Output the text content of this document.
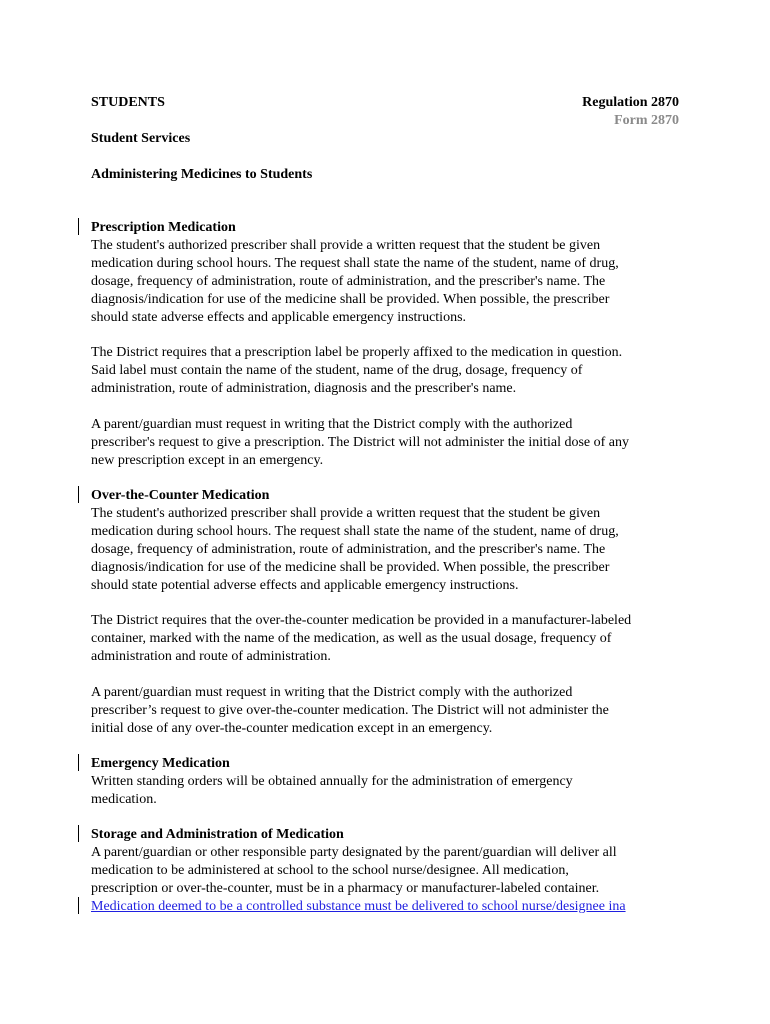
STUDENTS	Regulation 2870
Form 2870
Student Services
Administering Medicines to Students
Prescription Medication
The student's authorized prescriber shall provide a written request that the student be given
medication during school hours. The request shall state the name of the student, name of drug,
dosage, frequency of administration, route of administration, and the prescriber's name. The
diagnosis/indication for use of the medicine shall be provided. When possible, the prescriber
should state adverse effects and applicable emergency instructions.
The District requires that a prescription label be properly affixed to the medication in question.
Said label must contain the name of the student, name of the drug, dosage, frequency of
administration, route of administration, diagnosis and the prescriber's name.
A parent/guardian must request in writing that the District comply with the authorized
prescriber's request to give a prescription. The District will not administer the initial dose of any
new prescription except in an emergency.
Over-the-Counter Medication
The student's authorized prescriber shall provide a written request that the student be given
medication during school hours. The request shall state the name of the student, name of drug,
dosage, frequency of administration, route of administration, and the prescriber's name. The
diagnosis/indication for use of the medicine shall be provided. When possible, the prescriber
should state potential adverse effects and applicable emergency instructions.
The District requires that the over-the-counter medication be provided in a manufacturer-labeled
container, marked with the name of the medication, as well as the usual dosage, frequency of
administration and route of administration.
A parent/guardian must request in writing that the District comply with the authorized
prescriber’s request to give over-the-counter medication. The District will not administer the
initial dose of any over-the-counter medication except in an emergency.
Emergency Medication
Written standing orders will be obtained annually for the administration of emergency
medication.
Storage and Administration of Medication
A parent/guardian or other responsible party designated by the parent/guardian will deliver all
medication to be administered at school to the school nurse/designee. All medication,
prescription or over-the-counter, must be in a pharmacy or manufacturer-labeled container.
Medication deemed to be a controlled substance must be delivered to school nurse/designee ina
